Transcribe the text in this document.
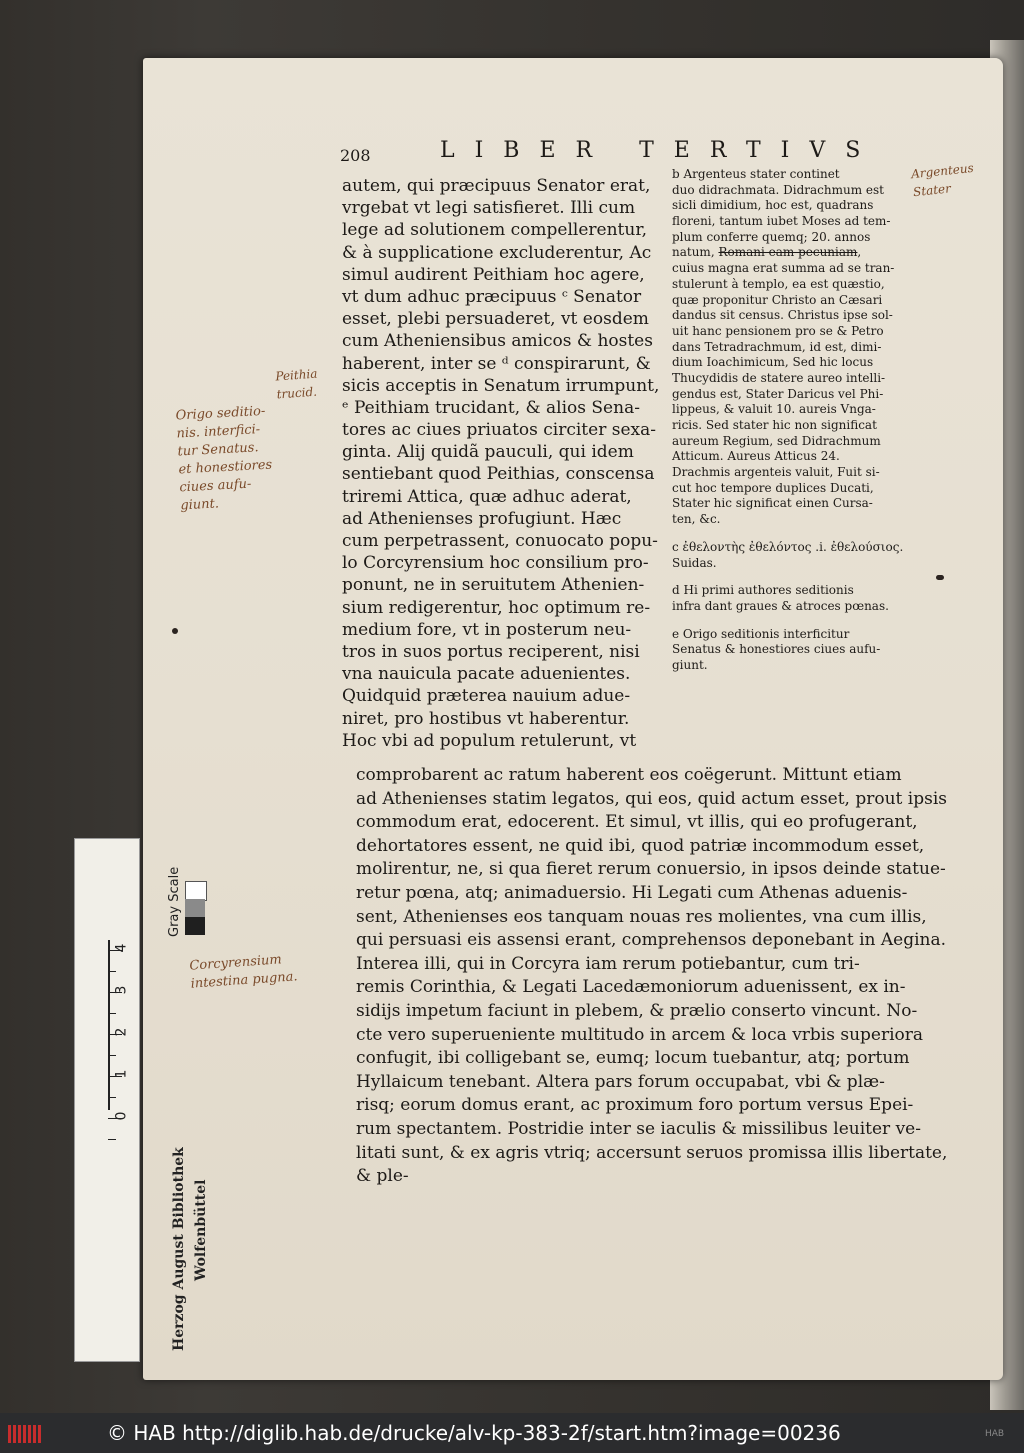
208	LIBER TERTIVS
autem, qui præcipuus Senator erat,
vrgebat vt legi satisfieret. Illi cum
lege ad solutionem compellerentur,
& à supplicatione excluderentur, Ac
simul audirent Peithiam hoc agere,
vt dum adhuc præcipuus ᶜ Senator
esset, plebi persuaderet, vt eosdem
cum Atheniensibus amicos & hostes
haberent, inter se ᵈ conspirarunt, &
sicis acceptis in Senatum irrumpunt,
ᵉ Peithiam trucidant, & alios Sena-
tores ac ciues priuatos circiter sexa-
ginta. Alij quidã pauculi, qui idem
sentiebant quod Peithias, conscensa
triremi Attica, quæ adhuc aderat,
ad Athenienses profugiunt. Hæc
cum perpetrassent, conuocato popu-
lo Corcyrensium hoc consilium pro-
ponunt, ne in seruitutem Athenien-
sium redigerentur, hoc optimum re-
medium fore, vt in posterum neu-
tros in suos portus reciperent, nisi
vna nauicula pacate aduenientes.
Quidquid præterea nauium adue-
niret, pro hostibus vt haberentur.
Hoc vbi ad populum retulerunt, vt
comprobarent ac ratum haberent eos coëgerunt. Mittunt etiam
ad Athenienses statim legatos, qui eos, quid actum esset, prout ipsis
commodum erat, edocerent. Et simul, vt illis, qui eo profugerant,
dehortatores essent, ne quid ibi, quod patriæ incommodum esset,
molirentur, ne, si qua fieret rerum conuersio, in ipsos deinde statue-
retur pœna, atq; animaduersio. Hi Legati cum Athenas aduenis-
sent, Athenienses eos tanquam nouas res molientes, vna cum illis,
qui persuasi eis assensi erant, comprehensos deponebant in Aegina.
Interea illi, qui in Corcyra iam rerum potiebantur, cum tri-
remis Corinthia, & Legati Lacedæmoniorum aduenissent, ex in-
sidijs impetum faciunt in plebem, & prælio conserto vincunt. No-
cte vero superueniente multitudo in arcem & loca vrbis superiora
confugit, ibi colligebant se, eumq; locum tuebantur, atq; portum
Hyllaicum tenebant. Altera pars forum occupabat, vbi & plæ-
risq; eorum domus erant, ac proximum foro portum versus Epei-
rum spectantem. Postridie inter se iaculis & missilibus leuiter ve-
litati sunt, & ex agris vtriq; accersunt seruos promissa illis libertate,
& ple-
b Argenteus stater continet
duo didrachmata. Didrachmum est
sicli dimidium, hoc est, quadrans
floreni, tantum iubet Moses ad tem-
plum conferre quemq; 20. annos
natum, Romani eam pecuniam,
cuius magna erat summa ad se tran-
stulerunt à templo, ea est quæstio,
quæ proponitur Christo an Cæsari
dandus sit census. Christus ipse sol-
uit hanc pensionem pro se & Petro
dans Tetradrachmum, id est, dimi-
dium Ioachimicum, Sed hic locus
Thucydidis de statere aureo intelli-
gendus est, Stater Daricus vel Phi-
lippeus, & valuit 10. aureis Vnga-
ricis. Sed stater hic non significat
aureum Regium, sed Didrachmum
Atticum. Aureus Atticus 24.
Drachmis argenteis valuit, Fuit si-
cut hoc tempore duplices Ducati,
Stater hic significat einen Cursa-
ten, &c.
c ἐθελοντὴς ἐθελόντος .i. ἐθελούσιος.
Suidas.
d Hi primi authores seditionis
infra dant graues & atroces pœnas.
e Origo seditionis interficitur
Senatus & honestiores ciues aufu-
giunt.
Peithia
trucid.
Origo seditio-
nis. interfici-
tur Senatus.
et honestiores
ciues aufu-
giunt.
Argenteus
Stater
Corcyrensium
intestina pugna.
Gray Scale
Herzog August Bibliothek Wolfenbüttel
4
3
2
1
0
© HAB http://diglib.hab.de/drucke/alv-kp-383-2f/start.htm?image=00236	HAB
